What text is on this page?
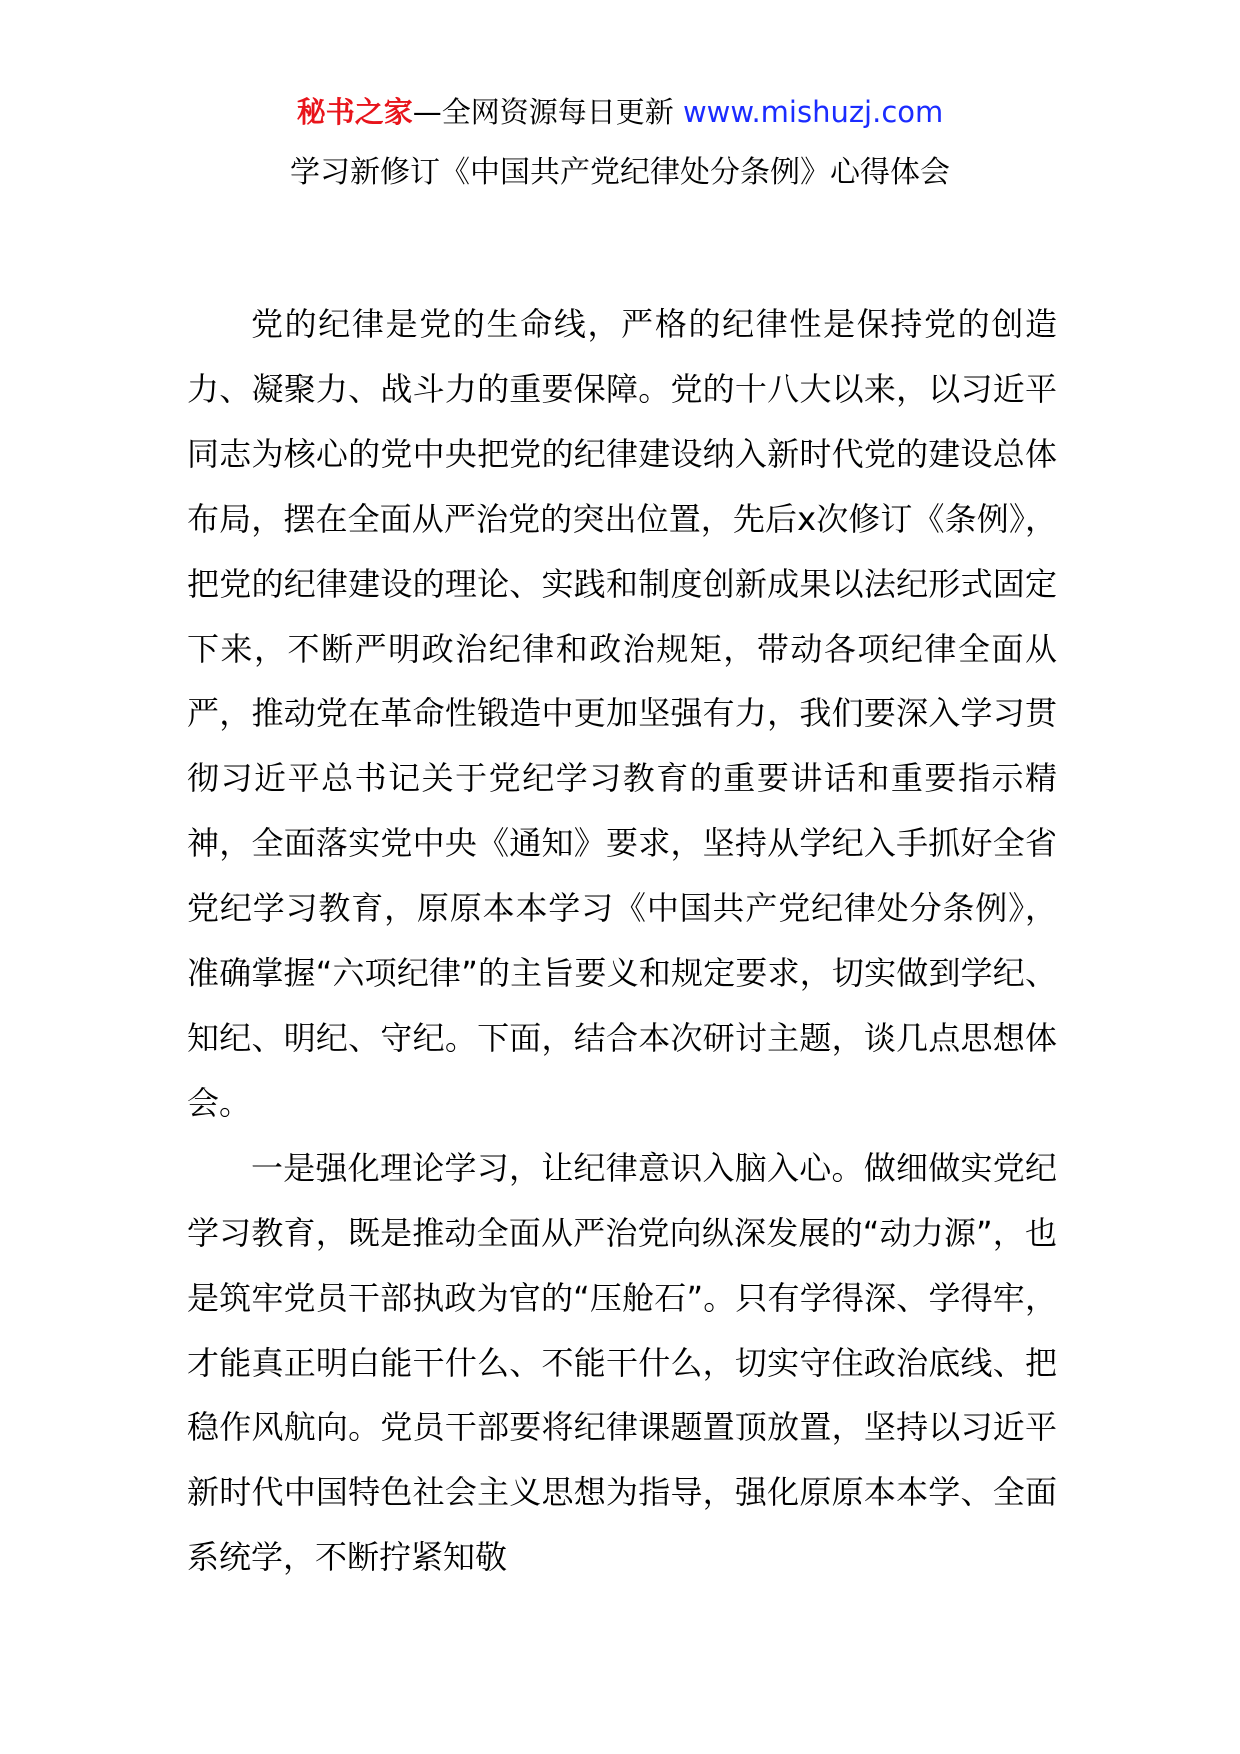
秘书之家—全网资源每日更新 www.mishuzj.com
学习新修订《中国共产党纪律处分条例》心得体会

党的纪律是党的生命线，严格的纪律性是保持党的创造力、凝聚力、战斗力的重要保障。党的十八大以来，以习近平同志为核心的党中央把党的纪律建设纳入新时代党的建设总体布局，摆在全面从严治党的突出位置，先后x次修订《条例》，把党的纪律建设的理论、实践和制度创新成果以法纪形式固定下来，不断严明政治纪律和政治规矩，带动各项纪律全面从严，推动党在革命性锻造中更加坚强有力，我们要深入学习贯彻习近平总书记关于党纪学习教育的重要讲话和重要指示精神，全面落实党中央《通知》要求，坚持从学纪入手抓好全省党纪学习教育，原原本本学习《中国共产党纪律处分条例》，准确掌握“六项纪律”的主旨要义和规定要求，切实做到学纪、知纪、明纪、守纪。下面，结合本次研讨主题，谈几点思想体会。

一是强化理论学习，让纪律意识入脑入心。做细做实党纪学习教育，既是推动全面从严治党向纵深发展的“动力源”，也是筑牢党员干部执政为官的“压舱石”。只有学得深、学得牢，才能真正明白能干什么、不能干什么，切实守住政治底线、把稳作风航向。党员干部要将纪律课题置顶放置，坚持以习近平新时代中国特色社会主义思想为指导，强化原原本本学、全面系统学，不断拧紧知敬
